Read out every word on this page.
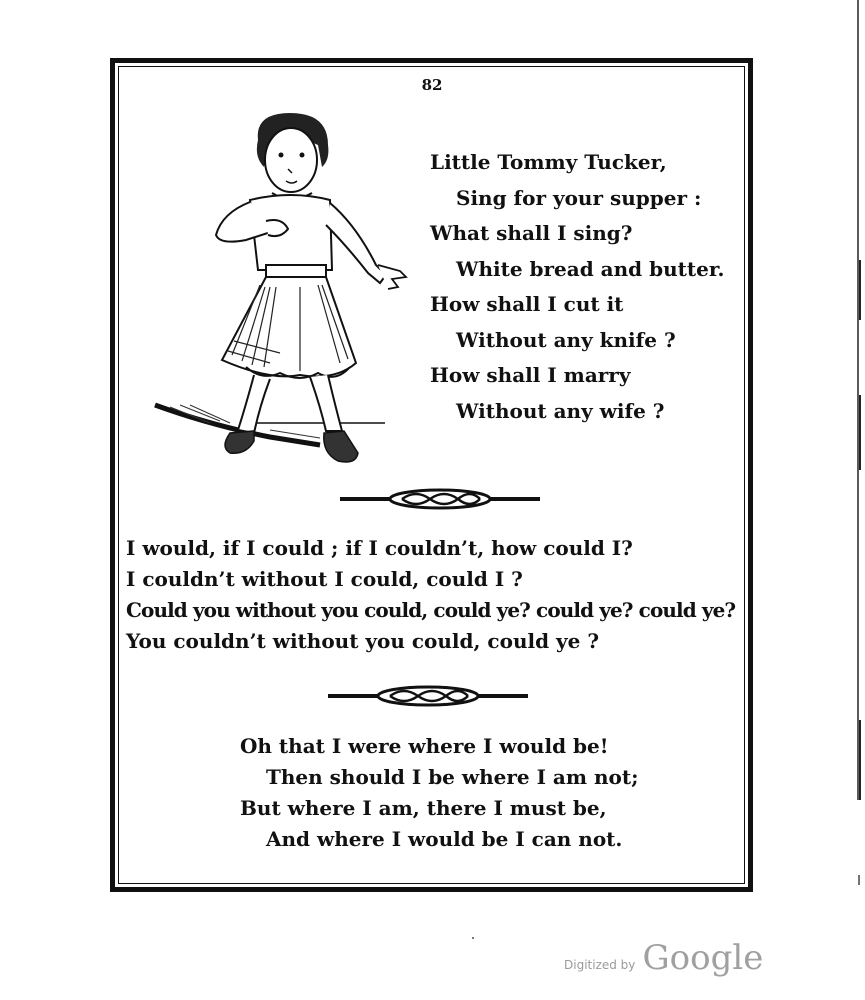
82
Little Tommy Tucker,
Sing for your supper :
What shall I sing?
White bread and butter.
How shall I cut it
Without any knife ?
How shall I marry
Without any wife ?
I would, if I could ; if I couldn’t, how could I?
I couldn’t without I could, could I ?
Could you without you could, could ye? could ye? could ye?
You couldn’t without you could, could ye ?
Oh that I were where I would be!
Then should I be where I am not;
But where I am, there I must be,
And where I would be I can not.
Digitized by Google
